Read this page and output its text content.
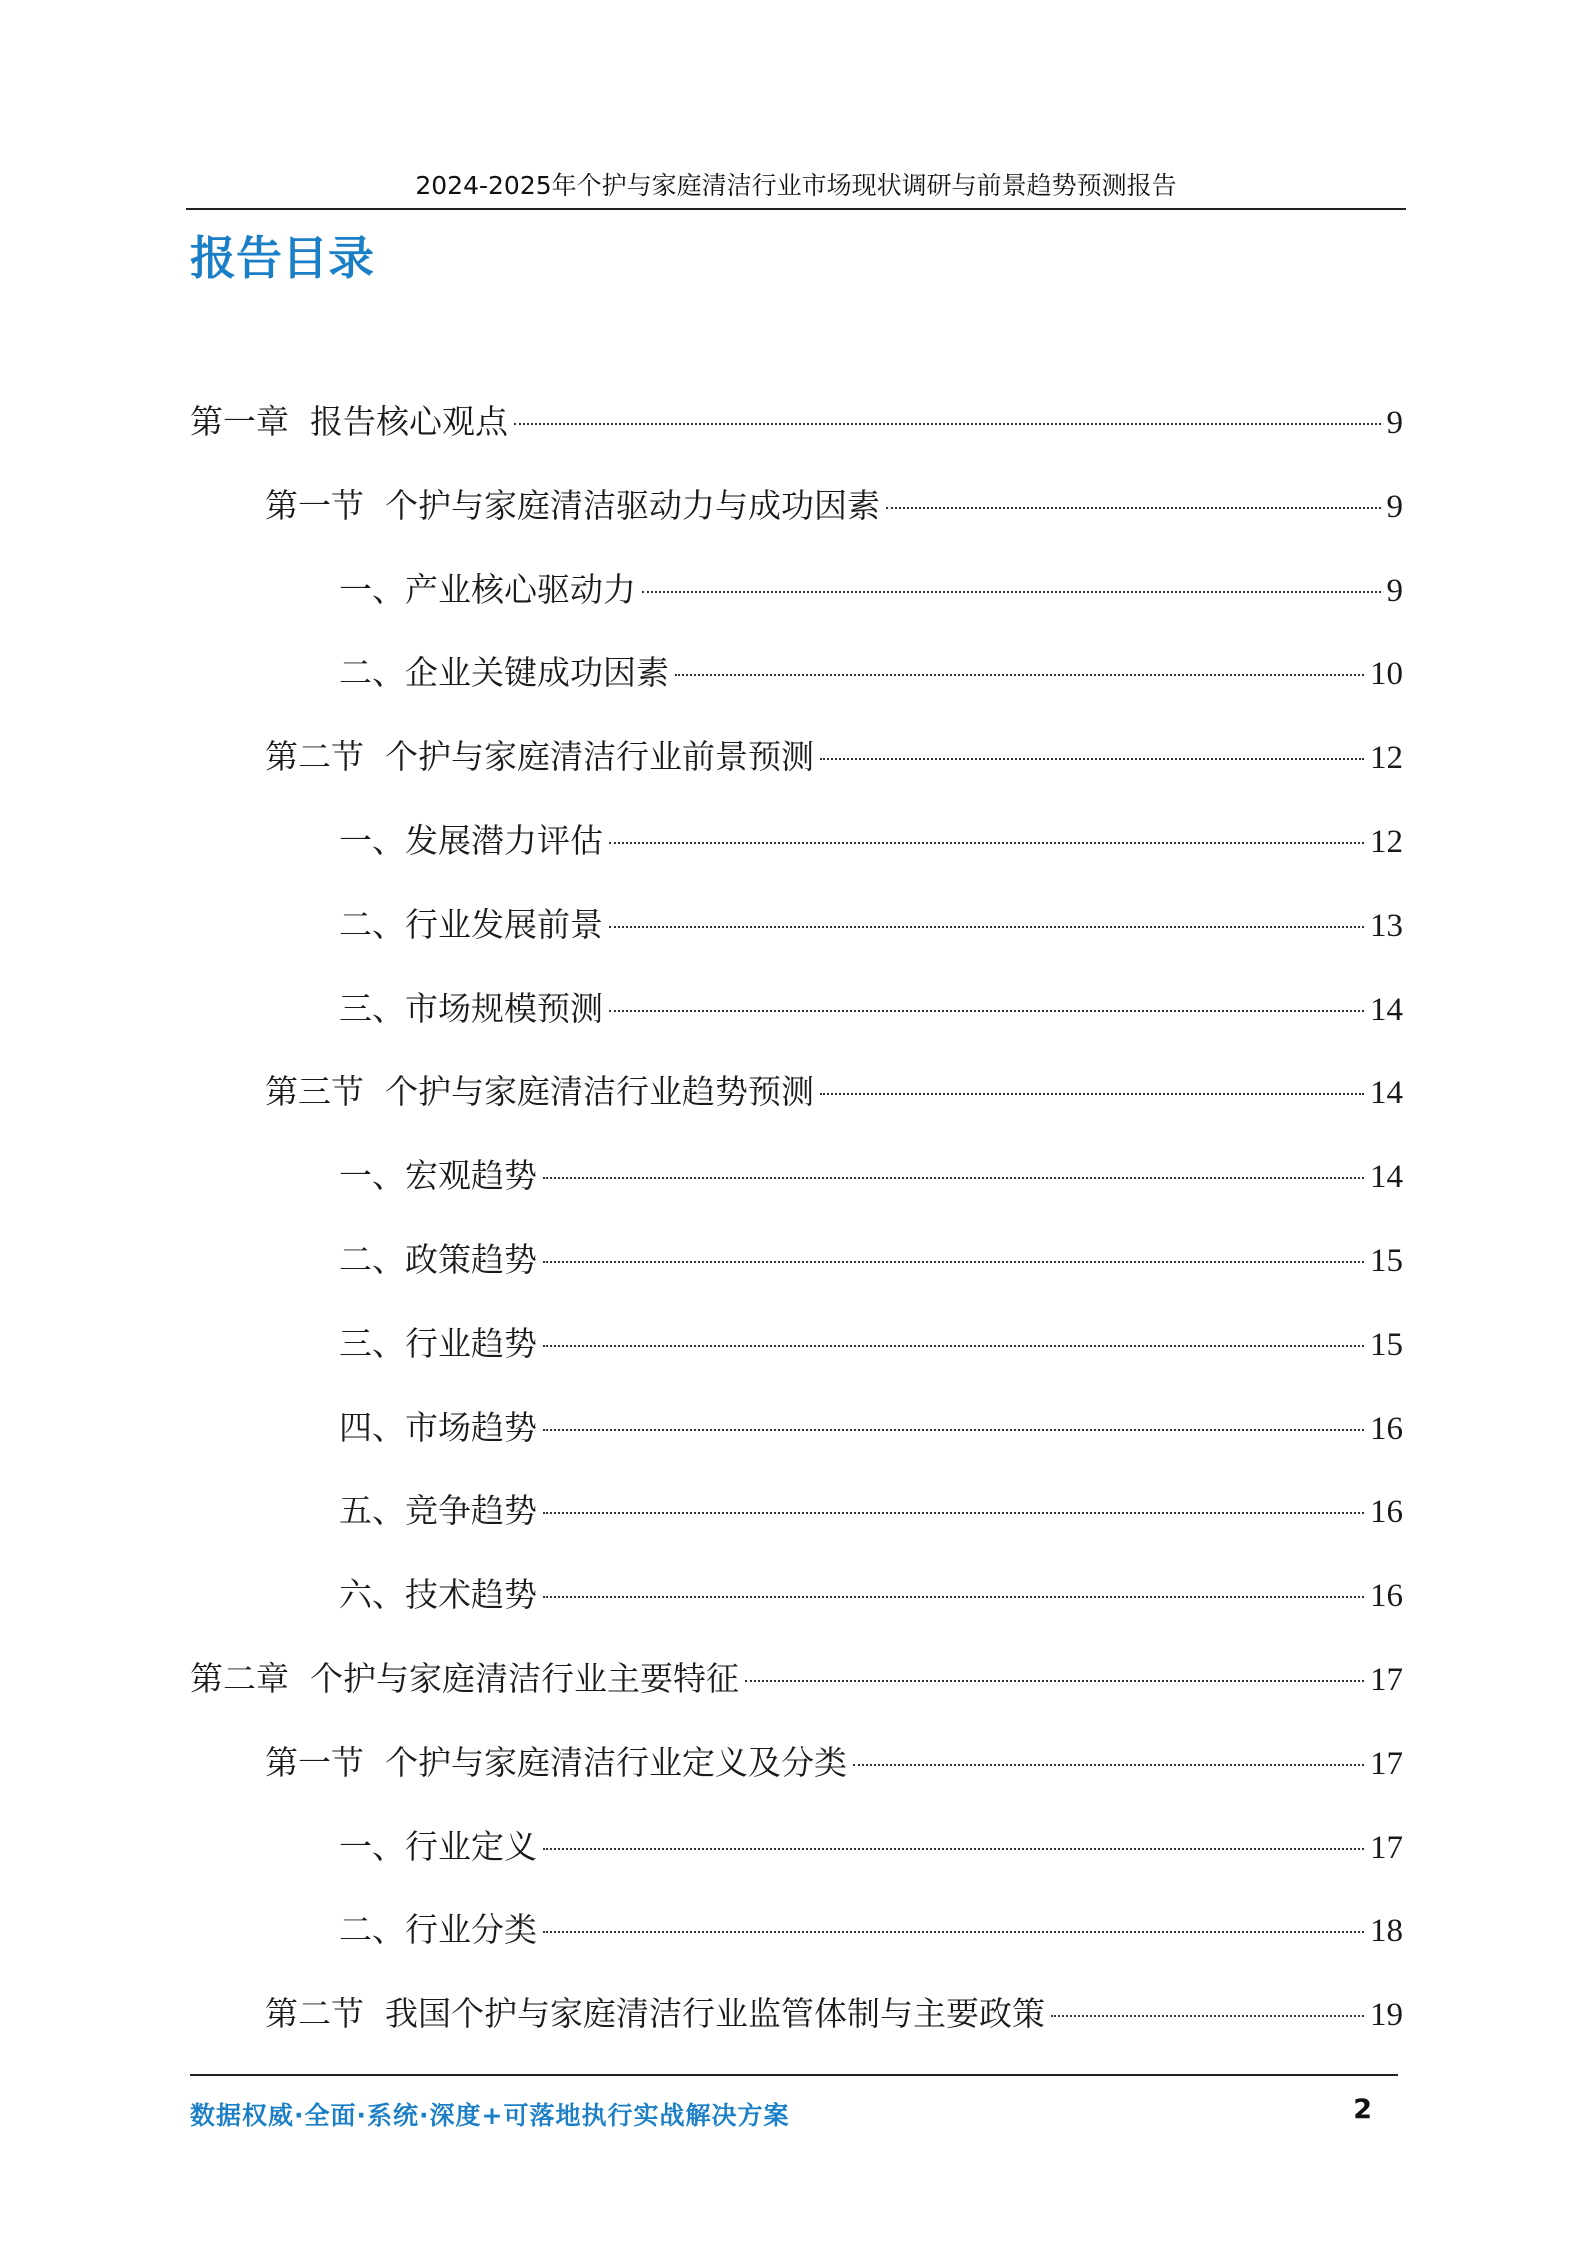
2024-2025年个护与家庭清洁行业市场现状调研与前景趋势预测报告
报告目录
第一章  报告核心观点	9
第一节  个护与家庭清洁驱动力与成功因素	9
一、产业核心驱动力	9
二、企业关键成功因素	10
第二节  个护与家庭清洁行业前景预测	12
一、发展潜力评估	12
二、行业发展前景	13
三、市场规模预测	14
第三节  个护与家庭清洁行业趋势预测	14
一、宏观趋势	14
二、政策趋势	15
三、行业趋势	15
四、市场趋势	16
五、竞争趋势	16
六、技术趋势	16
第二章  个护与家庭清洁行业主要特征	17
第一节  个护与家庭清洁行业定义及分类	17
一、行业定义	17
二、行业分类	18
第二节  我国个护与家庭清洁行业监管体制与主要政策	19
数据权威·全面·系统·深度+可落地执行实战解决方案	2
